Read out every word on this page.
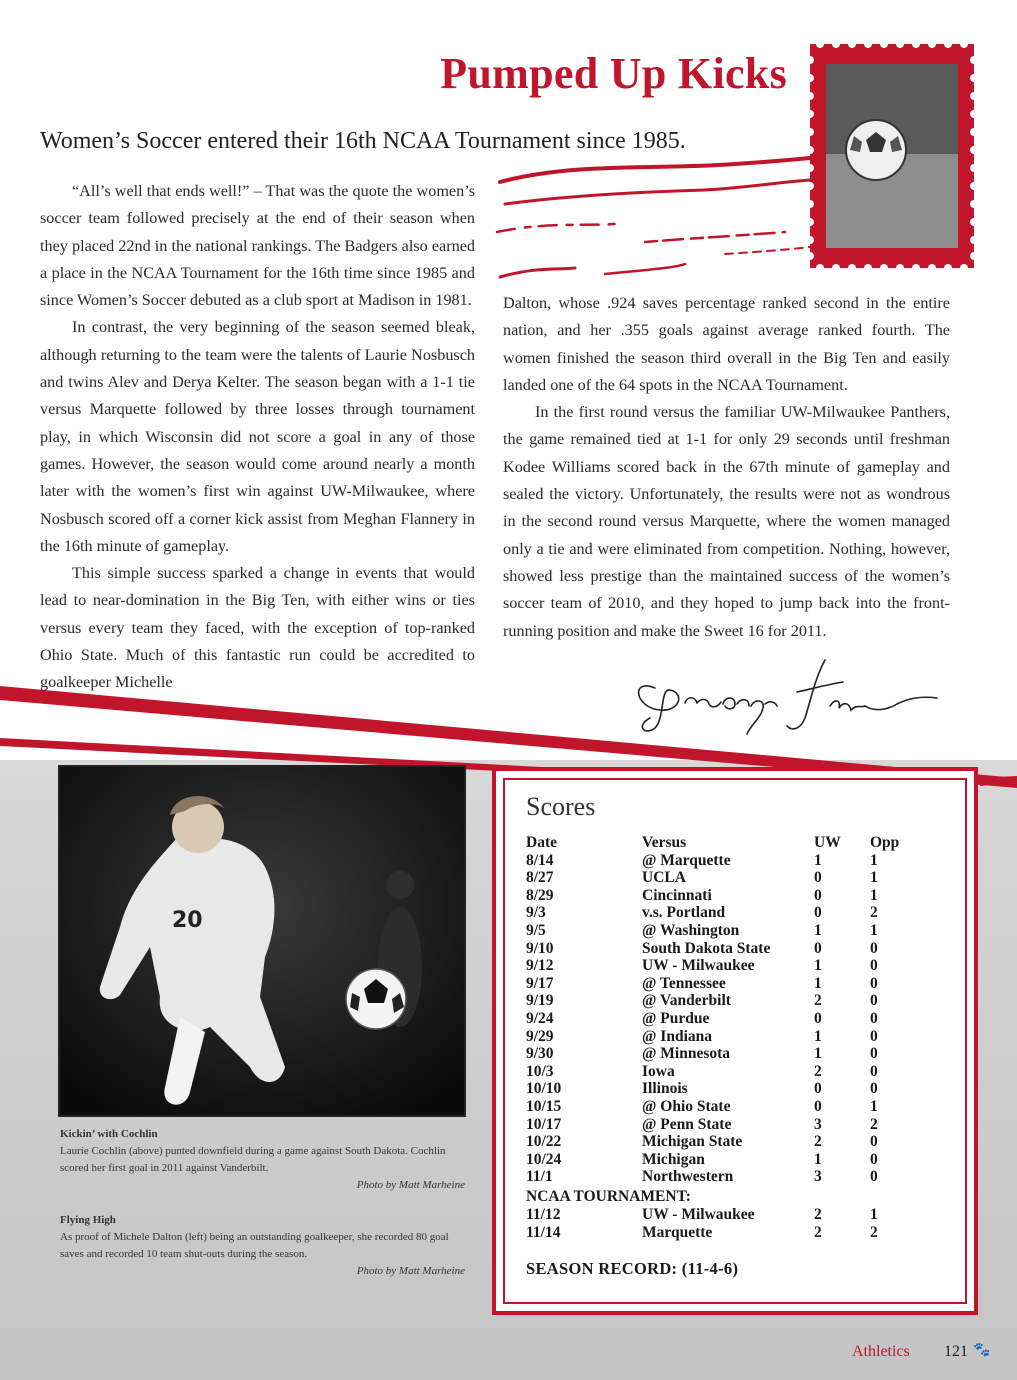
Pumped Up Kicks
Women’s Soccer entered their 16th NCAA Tournament since 1985.

“All’s well that ends well!” – That was the quote the women’s soccer team followed precisely at the end of their season when they placed 22nd in the national rankings. The Badgers also earned a place in the NCAA Tournament for the 16th time since 1985 and since Women’s Soccer debuted as a club sport at Madison in 1981.

In contrast, the very beginning of the season seemed bleak, although returning to the team were the talents of Laurie Nosbusch and twins Alev and Derya Kelter. The season began with a 1-1 tie versus Marquette followed by three losses through tournament play, in which Wisconsin did not score a goal in any of those games. However, the season would come around nearly a month later with the women’s first win against UW-Milwaukee, where Nosbusch scored off a corner kick assist from Meghan Flannery in the 16th minute of gameplay.

This simple success sparked a change in events that would lead to near-domination in the Big Ten, with either wins or ties versus every team they faced, with the exception of top-ranked Ohio State. Much of this fantastic run could be accredited to goalkeeper Michelle

Dalton, whose .924 saves percentage ranked second in the entire nation, and her .355 goals against average ranked fourth. The women finished the season third overall in the Big Ten and easily landed one of the 64 spots in the NCAA Tournament.

In the first round versus the familiar UW-Milwaukee Panthers, the game remained tied at 1-1 for only 29 seconds until freshman Kodee Williams scored back in the 67th minute of gameplay and sealed the victory. Unfortunately, the results were not as wondrous in the second round versus Marquette, where the women managed only a tie and were eliminated from competition. Nothing, however, showed less prestige than the maintained success of the women’s soccer team of 2010, and they hoped to jump back into the front-running position and make the Sweet 16 for 2011.

20
Kickin’ with Cochlin
Laurie Cochlin (above) punted downfield during a game against South Dakota. Cochlin scored her first goal in 2011 against Vanderbilt.
Photo by Matt Marheine
Flying High
As proof of Michele Dalton (left) being an outstanding goalkeeper, she recorded 80 goal saves and recorded 10 team shut-outs during the season.
Photo by Matt Marheine
Scores
Date	Versus	UW	Opp
8/14	@ Marquette	1	1
8/27	UCLA	0	1
8/29	Cincinnati	0	1
9/3	v.s. Portland	0	2
9/5	@ Washington	1	1
9/10	South Dakota State	0	0
9/12	UW - Milwaukee	1	0
9/17	@ Tennessee	1	0
9/19	@ Vanderbilt	2	0
9/24	@ Purdue	0	0
9/29	@ Indiana	1	0
9/30	@ Minnesota	1	0
10/3	Iowa	2	0
10/10	Illinois	0	0
10/15	@ Ohio State	0	1
10/17	@ Penn State	3	2
10/22	Michigan State	2	0
10/24	Michigan	1	0
11/1	Northwestern	3	0
NCAA TOURNAMENT:
11/12	UW - Milwaukee	2	1
11/14	Marquette	2	2
SEASON RECORD: (11-4-6)
Athletics 121 🐾
